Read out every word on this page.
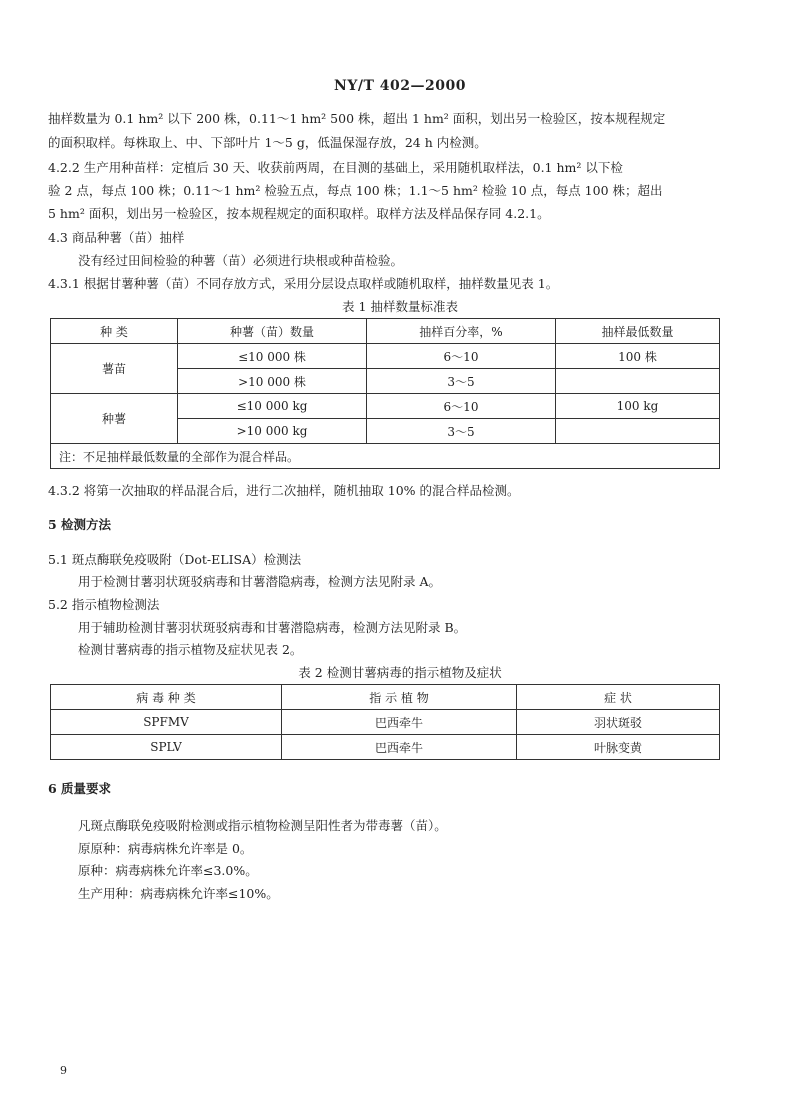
NY/T 402—2000
抽样数量为 0.1 hm² 以下 200 株，0.11～1 hm² 500 株，超出 1 hm² 面积，划出另一检验区，按本规程规定
的面积取样。每株取上、中、下部叶片 1～5 g，低温保湿存放，24 h 内检测。
4.2.2 生产用种苗样：定植后 30 天、收获前两周，在目测的基础上，采用随机取样法，0.1 hm² 以下检
验 2 点，每点 100 株；0.11～1 hm² 检验五点，每点 100 株；1.1～5 hm² 检验 10 点，每点 100 株；超出
5 hm² 面积，划出另一检验区，按本规程规定的面积取样。取样方法及样品保存同 4.2.1。
4.3 商品种薯（苗）抽样
没有经过田间检验的种薯（苗）必须进行块根或种苗检验。
4.3.1 根据甘薯种薯（苗）不同存放方式，采用分层设点取样或随机取样，抽样数量见表 1。
表 1 抽样数量标准表
种 类	种薯（苗）数量	抽样百分率，%	抽样最低数量
薯苗	≤10 000 株	6～10	100 株
	>10 000 株	3～5	
种薯	≤10 000 kg	6～10	100 kg
	>10 000 kg	3～5	
注：不足抽样最低数量的全部作为混合样品。			
4.3.2 将第一次抽取的样品混合后，进行二次抽样，随机抽取 10% 的混合样品检测。
5 检测方法
5.1 斑点酶联免疫吸附（Dot-ELISA）检测法
用于检测甘薯羽状斑驳病毒和甘薯潜隐病毒，检测方法见附录 A。
5.2 指示植物检测法
用于辅助检测甘薯羽状斑驳病毒和甘薯潜隐病毒，检测方法见附录 B。
检测甘薯病毒的指示植物及症状见表 2。
表 2 检测甘薯病毒的指示植物及症状
病 毒 种 类	指 示 植 物	症 状
SPFMV	巴西牵牛	羽状斑驳
SPLV	巴西牵牛	叶脉变黄
6 质量要求
凡斑点酶联免疫吸附检测或指示植物检测呈阳性者为带毒薯（苗）。
原原种：病毒病株允许率是 0。
原种：病毒病株允许率≤3.0%。
生产用种：病毒病株允许率≤10%。
9
